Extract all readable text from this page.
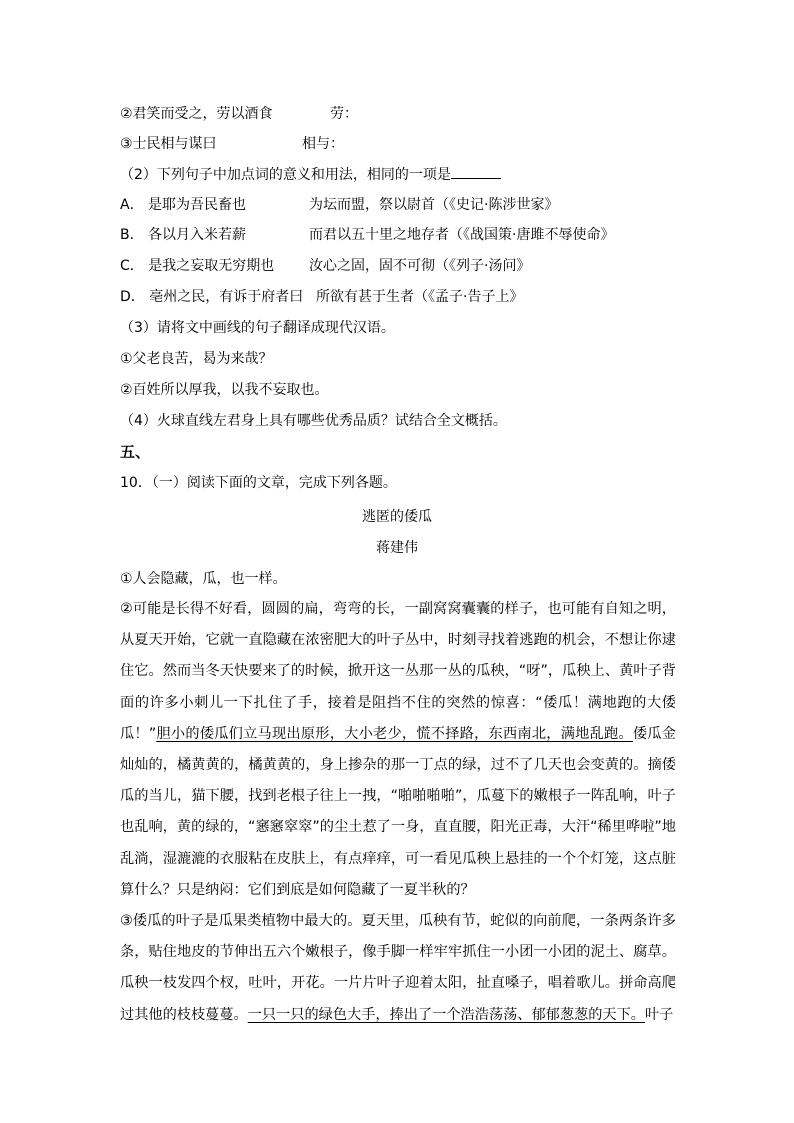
②君笑而受之，劳以酒食	劳：
③士民相与谋曰	相与：
（2）下列句子中加点词的意义和用法，相同的一项是
A． 是耶为吾民畜也	为坛而盟，祭以尉首（《史记·陈涉世家》
B． 各以月入米若薪	而君以五十里之地存者（《战国策·唐雎不辱使命》
C． 是我之妄取无穷期也 汝心之固，固不可彻（《列子·汤问》
D． 亳州之民，有诉于府者曰 所欲有甚于生者（《孟子·告子上》
（3）请将文中画线的句子翻译成现代汉语。
①父老良苦，曷为来哉？
②百姓所以厚我，以我不妄取也。
（4）火球直线左君身上具有哪些优秀品质？试结合全文概括。
五、
10．（一）阅读下面的文章，完成下列各题。
逃匿的倭瓜
蒋建伟
①人会隐藏，瓜，也一样。
②可能是长得不好看，圆圆的扁，弯弯的长，一副窝窝囊囊的样子，也可能有自知之明，从夏天开始，它就一直隐藏在浓密肥大的叶子丛中，时刻寻找着逃跑的机会，不想让你逮住它。然而当冬天快要来了的时候，掀开这一丛那一丛的瓜秧，“呀”，瓜秧上、黄叶子背面的许多小刺儿一下扎住了手，接着是阻挡不住的突然的惊喜：“倭瓜！满地跑的大倭瓜！”胆小的倭瓜们立马现出原形，大小老少，慌不择路，东西南北，满地乱跑。倭瓜金灿灿的，橘黄黄的，橘黄黄的，身上掺杂的那一丁点的绿，过不了几天也会变黄的。摘倭瓜的当儿，猫下腰，找到老根子往上一拽，“啪啪啪啪”，瓜蔓下的嫩根子一阵乱响，叶子也乱响，黄的绿的，“窸窸窣窣”的尘土惹了一身，直直腰，阳光正毒，大汗“稀里哗啦”地乱淌，湿漉漉的衣服粘在皮肤上，有点痒痒，可一看见瓜秧上悬挂的一个个灯笼，这点脏算什么？只是纳闷：它们到底是如何隐藏了一夏半秋的？
③倭瓜的叶子是瓜果类植物中最大的。夏天里，瓜秧有节，蛇似的向前爬，一条两条许多条，贴住地皮的节伸出五六个嫩根子，像手脚一样牢牢抓住一小团一小团的泥土、腐草。瓜秧一枝发四个杈，吐叶，开花。一片片叶子迎着太阳，扯直嗓子，唱着歌儿。拼命高爬过其他的枝枝蔓蔓。一只一只的绿色大手，捧出了一个浩浩荡荡、郁郁葱葱的天下。叶子
